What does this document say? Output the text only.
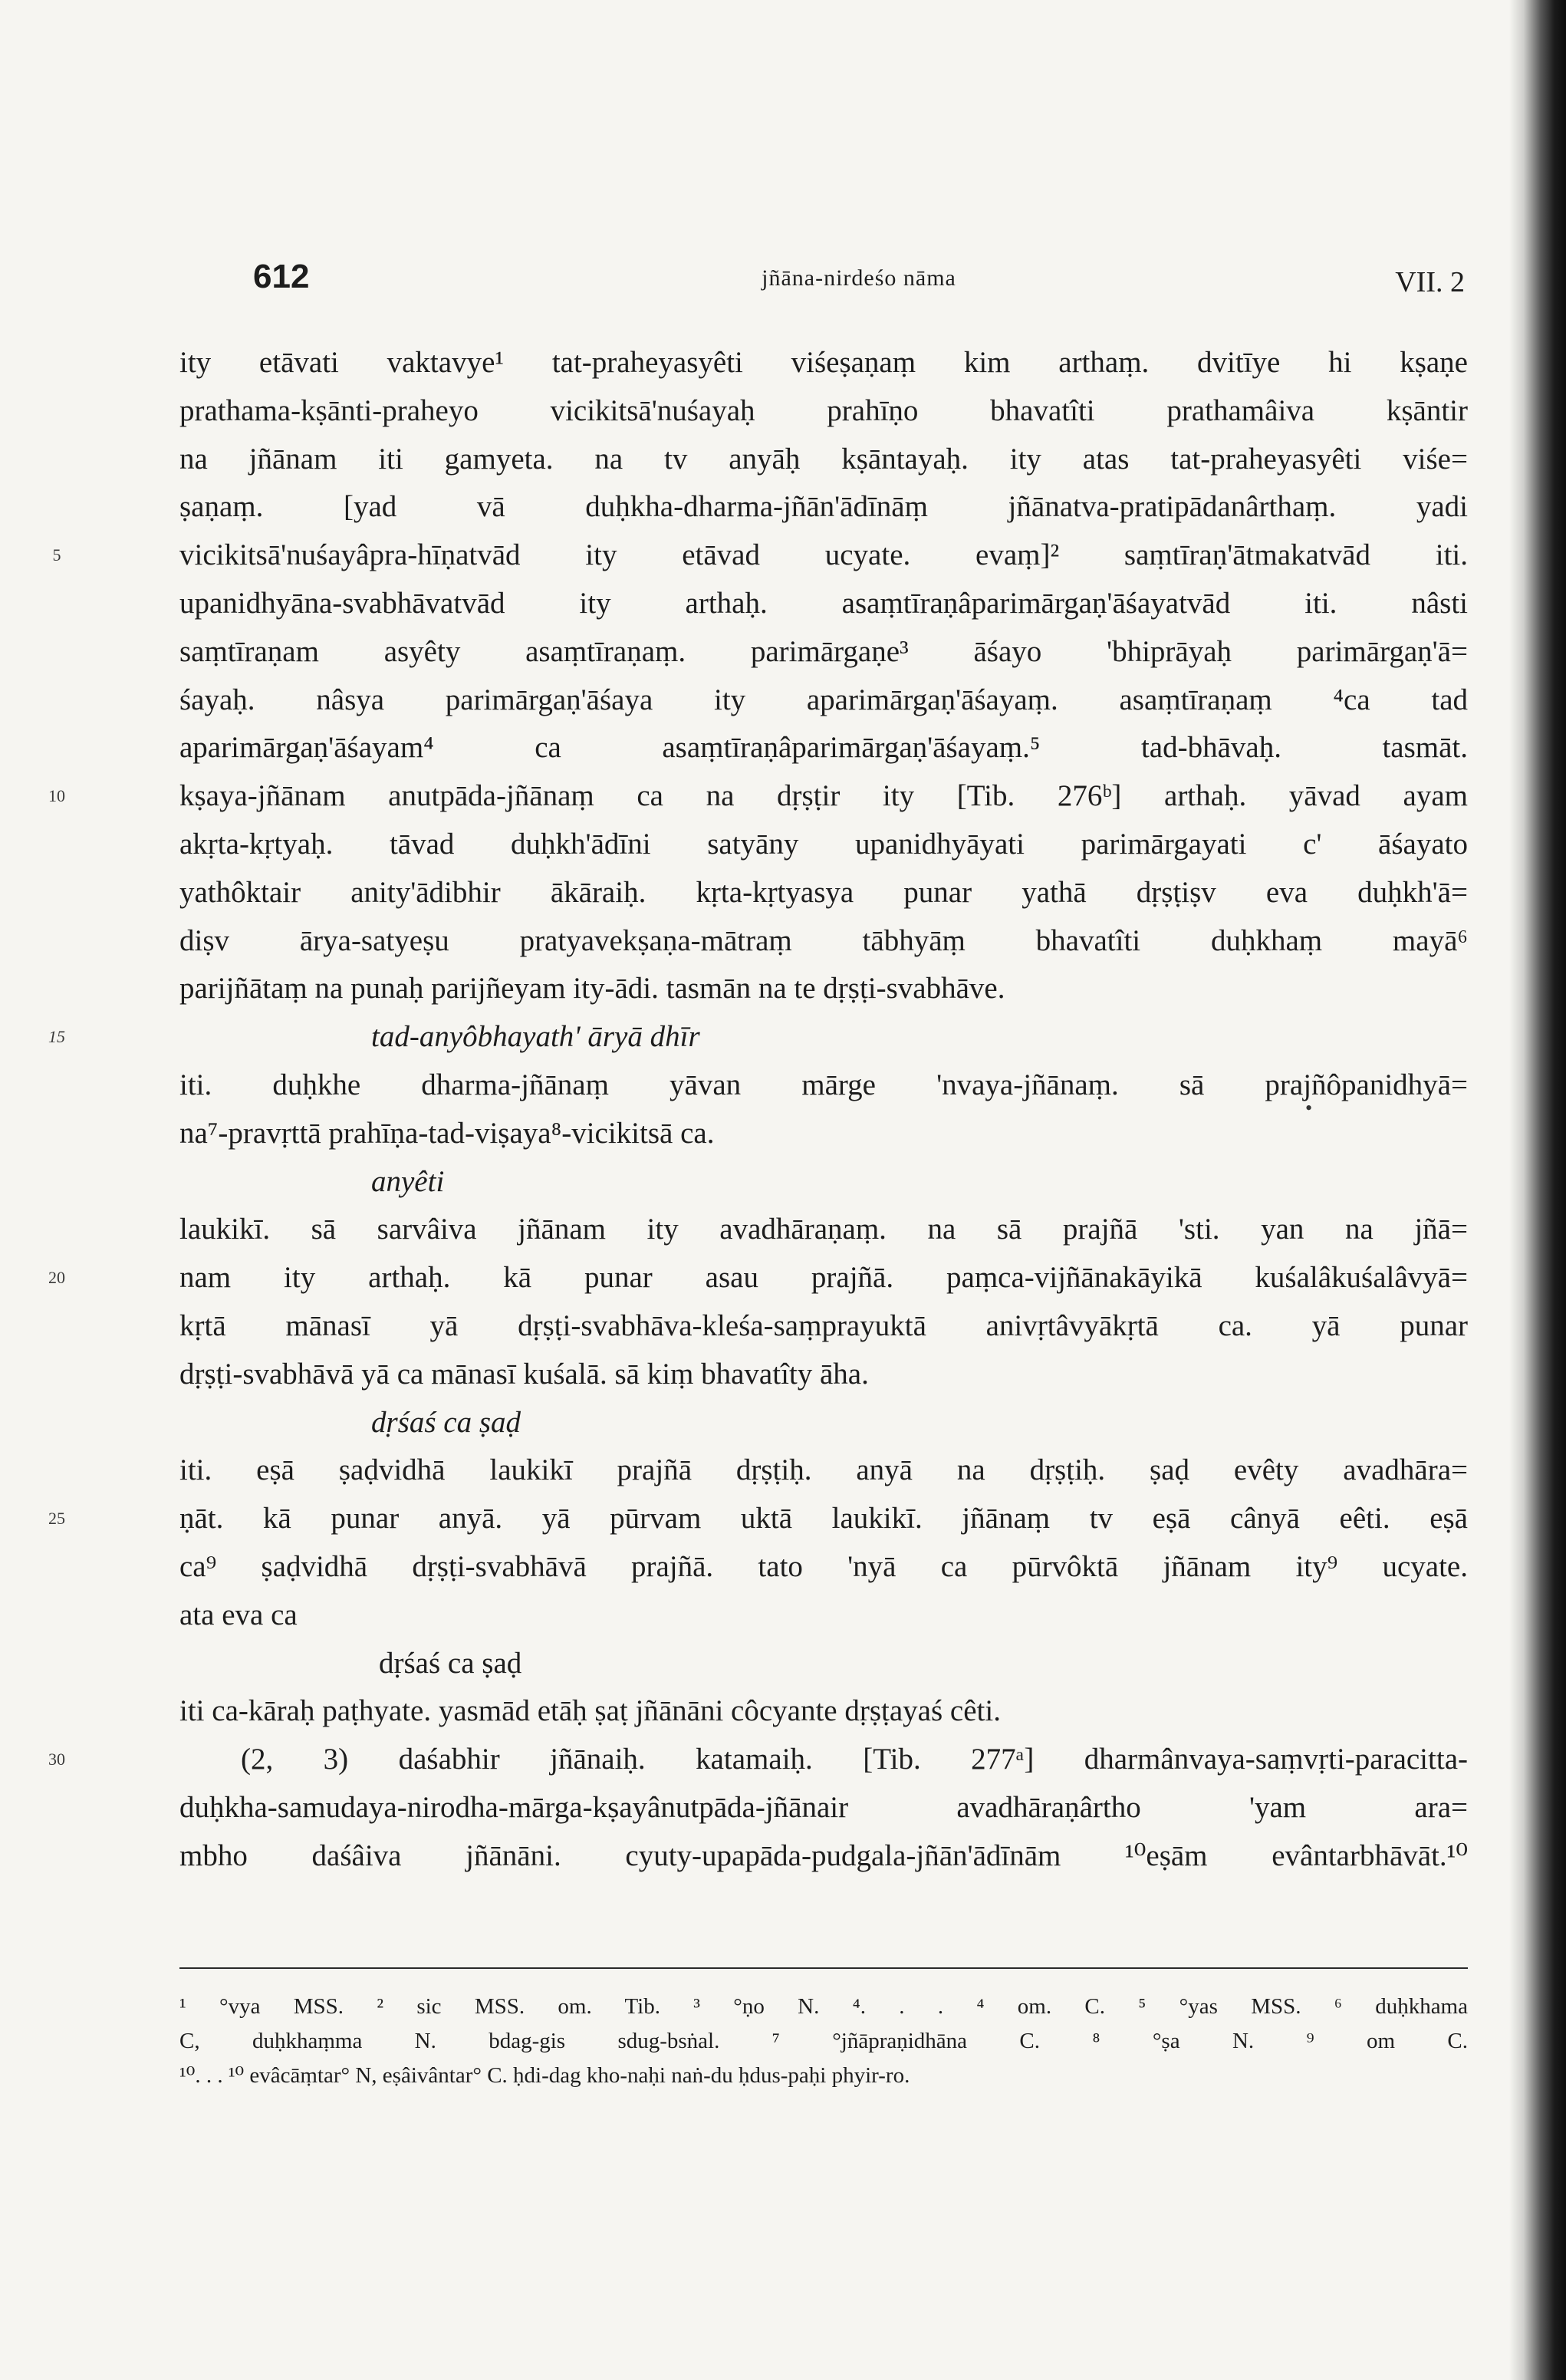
612	jñāna-nirdeśo nāma	VII. 2
ity etāvati vaktavye¹ tat-praheyasyêti viśeṣaṇaṃ kim arthaṃ. dvitīye hi kṣaṇe
prathama-kṣānti-praheyo vicikitsā'nuśayaḥ prahīṇo bhavatîti prathamâiva kṣāntir
na jñānam iti gamyeta. na tv anyāḥ kṣāntayaḥ. ity atas tat-praheyasyêti viśe=
ṣaṇaṃ. [yad vā duḥkha-dharma-jñān'ādīnāṃ jñānatva-pratipādanârthaṃ. yadi
5	vicikitsā'nuśayâpra-hīṇatvād ity etāvad ucyate. evaṃ]² saṃtīraṇ'ātmakatvād iti.
upanidhyāna-svabhāvatvād ity arthaḥ. asaṃtīraṇâparimārgaṇ'āśayatvād iti. nâsti
saṃtīraṇam asyêty asaṃtīraṇaṃ. parimārgaṇe³ āśayo 'bhiprāyaḥ parimārgaṇ'ā=
śayaḥ. nâsya parimārgaṇ'āśaya ity aparimārgaṇ'āśayaṃ. asaṃtīraṇaṃ ⁴ca tad
aparimārgaṇ'āśayam⁴ ca asaṃtīraṇâparimārgaṇ'āśayaṃ.⁵ tad-bhāvaḥ. tasmāt.
10	kṣaya-jñānam anutpāda-jñānaṃ ca na dṛṣṭir ity [Tib. 276ᵇ] arthaḥ. yāvad ayam
akṛta-kṛtyaḥ. tāvad duḥkh'ādīni satyāny upanidhyāyati parimārgayati c' āśayato
yathôktair anity'ādibhir ākāraiḥ. kṛta-kṛtyasya punar yathā dṛṣṭiṣv eva duḥkh'ā=
diṣv ārya-satyeṣu pratyavekṣaṇa-mātraṃ tābhyāṃ bhavatîti duḥkhaṃ mayā⁶
parijñātaṃ na punaḥ parijñeyam ity-ādi. tasmān na te dṛṣṭi-svabhāve.
15	tad-anyôbhayath' āryā dhīr
iti. duḥkhe dharma-jñānaṃ yāvan mārge 'nvaya-jñānaṃ. sā prajñôpanidhyā=
na⁷-pravṛttā prahīṇa-tad-viṣaya⁸-vicikitsā ca.
anyêti
laukikī. sā sarvâiva jñānam ity avadhāraṇaṃ. na sā prajñā 'sti. yan na jñā=
20	nam ity arthaḥ. kā punar asau prajñā. paṃca-vijñānakāyikā kuśalâkuśalâvyā=
kṛtā mānasī yā dṛṣṭi-svabhāva-kleśa-saṃprayuktā anivṛtâvyākṛtā ca. yā punar
dṛṣṭi-svabhāvā yā ca mānasī kuśalā. sā kiṃ bhavatîty āha.
dṛśaś ca ṣaḍ
iti. eṣā ṣaḍvidhā laukikī prajñā dṛṣṭiḥ. anyā na dṛṣṭiḥ. ṣaḍ evêty avadhāra=
25	ṇāt. kā punar anyā. yā pūrvam uktā laukikī. jñānaṃ tv eṣā cânyā eêti. eṣā
ca⁹ ṣaḍvidhā dṛṣṭi-svabhāvā prajñā. tato 'nyā ca pūrvôktā jñānam ity⁹ ucyate.
ata eva ca
dṛśaś ca ṣaḍ
iti ca-kāraḥ paṭhyate. yasmād etāḥ ṣaṭ jñānāni côcyante dṛṣṭayaś cêti.
30	(2, 3) daśabhir jñānaiḥ. katamaiḥ. [Tib. 277ᵃ] dharmânvaya-saṃvṛti-paracitta-
duḥkha-samudaya-nirodha-mārga-kṣayânutpāda-jñānair avadhāraṇârtho 'yam ara=
mbho daśâiva jñānāni. cyuty-upapāda-pudgala-jñān'ādīnām ¹⁰eṣām evântarbhāvāt.¹⁰
•
¹ °vya MSS. ² sic MSS. om. Tib. ³ °ṇo N. ⁴. . . ⁴ om. C. ⁵ °yas MSS. ⁶ duḥkhama
C, duḥkhaṃma N. bdag-gis sdug-bsṅal. ⁷ °jñāpraṇidhāna C. ⁸ °ṣa N. ⁹ om C.
¹⁰. . . ¹⁰ evâcāṃtar° N, eṣâivântar° C. ḥdi-dag kho-naḥi naṅ-du ḥdus-paḥi phyir-ro.
